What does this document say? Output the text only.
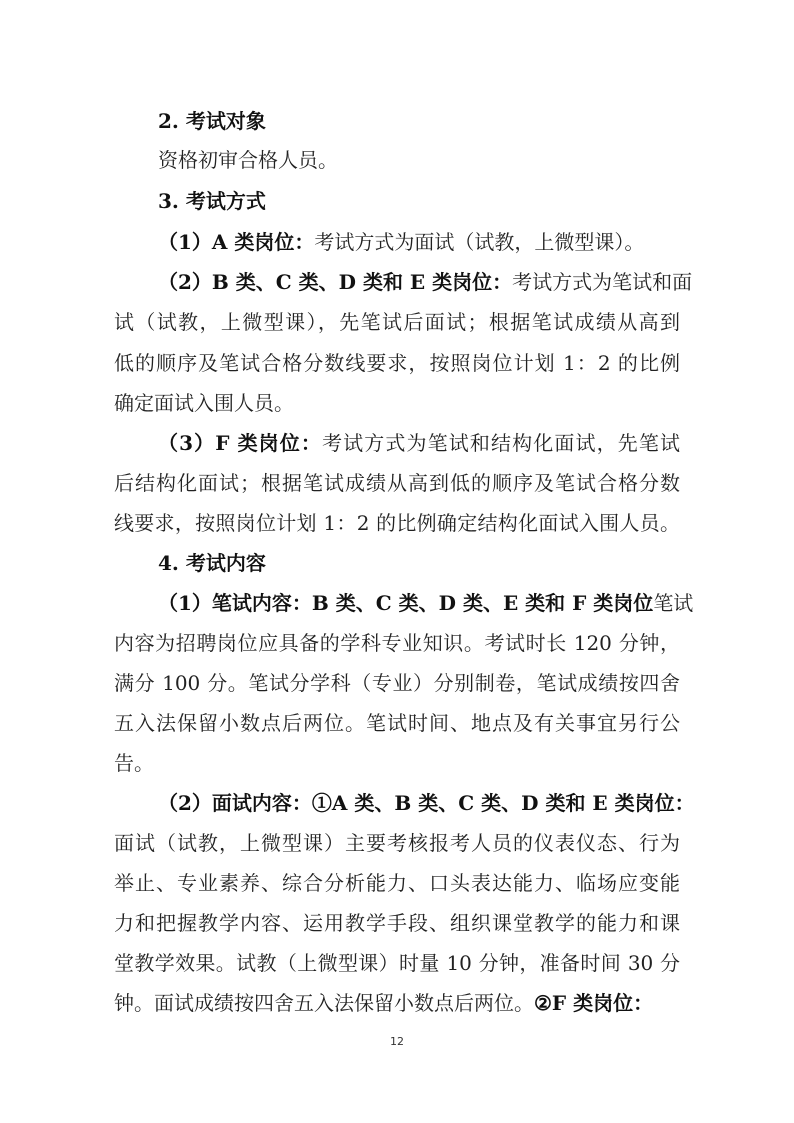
2. 考试对象
资格初审合格人员。
3. 考试方式
（1）A 类岗位：考试方式为面试（试教，上微型课）。
（2）B 类、C 类、D 类和 E 类岗位：考试方式为笔试和面
试（试教，上微型课），先笔试后面试；根据笔试成绩从高到
低的顺序及笔试合格分数线要求，按照岗位计划 1：2 的比例
确定面试入围人员。
（3）F 类岗位：考试方式为笔试和结构化面试，先笔试
后结构化面试；根据笔试成绩从高到低的顺序及笔试合格分数
线要求，按照岗位计划 1：2 的比例确定结构化面试入围人员。
4. 考试内容
（1）笔试内容：B 类、C 类、D 类、E 类和 F 类岗位笔试
内容为招聘岗位应具备的学科专业知识。考试时长 120 分钟，
满分 100 分。笔试分学科（专业）分别制卷，笔试成绩按四舍
五入法保留小数点后两位。笔试时间、地点及有关事宜另行公
告。
（2）面试内容：①A 类、B 类、C 类、D 类和 E 类岗位：
面试（试教，上微型课）主要考核报考人员的仪表仪态、行为
举止、专业素养、综合分析能力、口头表达能力、临场应变能
力和把握教学内容、运用教学手段、组织课堂教学的能力和课
堂教学效果。试教（上微型课）时量 10 分钟，准备时间 30 分
钟。面试成绩按四舍五入法保留小数点后两位。②F 类岗位：
12
